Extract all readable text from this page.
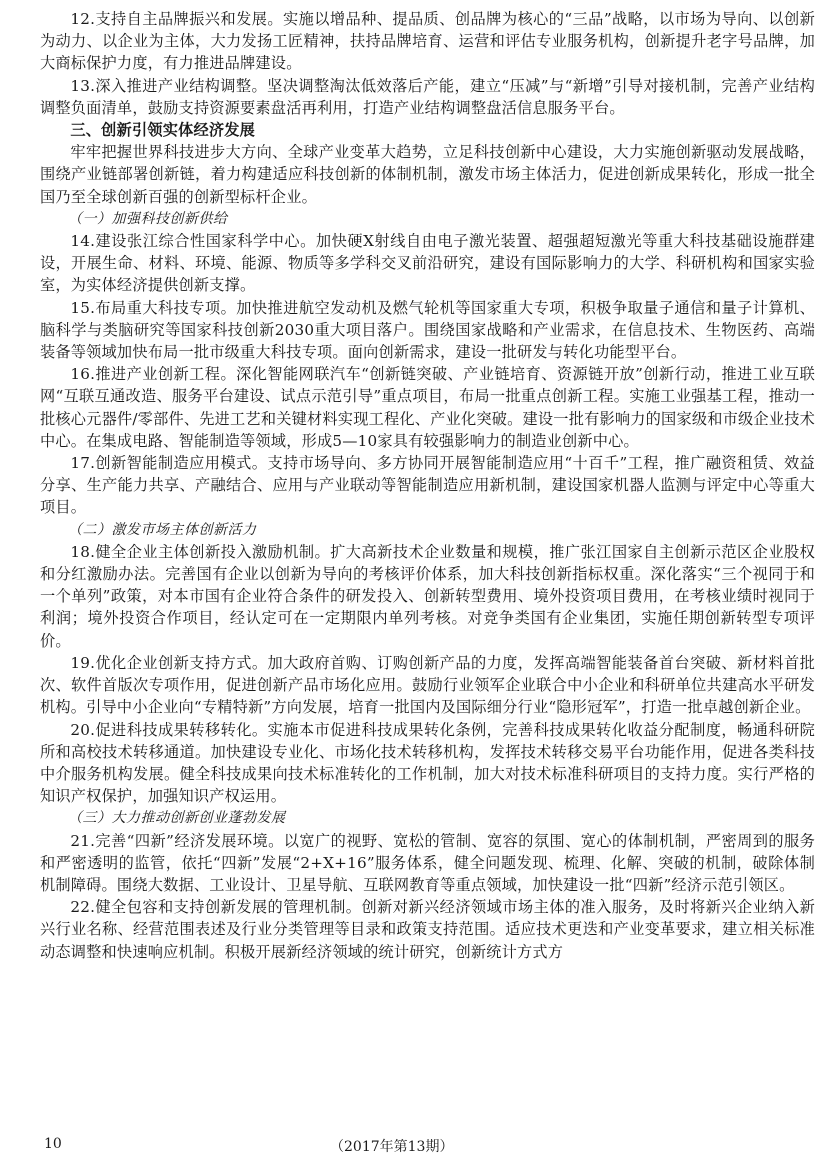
12.支持自主品牌振兴和发展。实施以增品种、提品质、创品牌为核心的“三品”战略，以市场为导向、以创新为动力、以企业为主体，大力发扬工匠精神，扶持品牌培育、运营和评估专业服务机构，创新提升老字号品牌，加大商标保护力度，有力推进品牌建设。

13.深入推进产业结构调整。坚决调整淘汰低效落后产能，建立“压减”与“新增”引导对接机制，完善产业结构调整负面清单，鼓励支持资源要素盘活再利用，打造产业结构调整盘活信息服务平台。

三、创新引领实体经济发展

牢牢把握世界科技进步大方向、全球产业变革大趋势，立足科技创新中心建设，大力实施创新驱动发展战略，围绕产业链部署创新链，着力构建适应科技创新的体制机制，激发市场主体活力，促进创新成果转化，形成一批全国乃至全球创新百强的创新型标杆企业。

（一）加强科技创新供给

14.建设张江综合性国家科学中心。加快硬X射线自由电子激光装置、超强超短激光等重大科技基础设施群建设，开展生命、材料、环境、能源、物质等多学科交叉前沿研究，建设有国际影响力的大学、科研机构和国家实验室，为实体经济提供创新支撑。

15.布局重大科技专项。加快推进航空发动机及燃气轮机等国家重大专项，积极争取量子通信和量子计算机、脑科学与类脑研究等国家科技创新2030重大项目落户。围绕国家战略和产业需求，在信息技术、生物医药、高端装备等领域加快布局一批市级重大科技专项。面向创新需求，建设一批研发与转化功能型平台。

16.推进产业创新工程。深化智能网联汽车“创新链突破、产业链培育、资源链开放”创新行动，推进工业互联网“互联互通改造、服务平台建设、试点示范引导”重点项目，布局一批重点创新工程。实施工业强基工程，推动一批核心元器件/零部件、先进工艺和关键材料实现工程化、产业化突破。建设一批有影响力的国家级和市级企业技术中心。在集成电路、智能制造等领域，形成5—10家具有较强影响力的制造业创新中心。

17.创新智能制造应用模式。支持市场导向、多方协同开展智能制造应用“十百千”工程，推广融资租赁、效益分享、生产能力共享、产融结合、应用与产业联动等智能制造应用新机制，建设国家机器人监测与评定中心等重大项目。

（二）激发市场主体创新活力

18.健全企业主体创新投入激励机制。扩大高新技术企业数量和规模，推广张江国家自主创新示范区企业股权和分红激励办法。完善国有企业以创新为导向的考核评价体系，加大科技创新指标权重。深化落实“三个视同于和一个单列”政策，对本市国有企业符合条件的研发投入、创新转型费用、境外投资项目费用，在考核业绩时视同于利润；境外投资合作项目，经认定可在一定期限内单列考核。对竞争类国有企业集团，实施任期创新转型专项评价。

19.优化企业创新支持方式。加大政府首购、订购创新产品的力度，发挥高端智能装备首台突破、新材料首批次、软件首版次专项作用，促进创新产品市场化应用。鼓励行业领军企业联合中小企业和科研单位共建高水平研发机构。引导中小企业向“专精特新”方向发展，培育一批国内及国际细分行业“隐形冠军”，打造一批卓越创新企业。

20.促进科技成果转移转化。实施本市促进科技成果转化条例，完善科技成果转化收益分配制度，畅通科研院所和高校技术转移通道。加快建设专业化、市场化技术转移机构，发挥技术转移交易平台功能作用，促进各类科技中介服务机构发展。健全科技成果向技术标准转化的工作机制，加大对技术标准科研项目的支持力度。实行严格的知识产权保护，加强知识产权运用。

（三）大力推动创新创业蓬勃发展

21.完善“四新”经济发展环境。以宽广的视野、宽松的管制、宽容的氛围、宽心的体制机制，严密周到的服务和严密透明的监管，依托“四新”发展“2+X+16”服务体系，健全问题发现、梳理、化解、突破的机制，破除体制机制障碍。围绕大数据、工业设计、卫星导航、互联网教育等重点领域，加快建设一批“四新”经济示范引领区。

22.健全包容和支持创新发展的管理机制。创新对新兴经济领域市场主体的准入服务，及时将新兴企业纳入新兴行业名称、经营范围表述及行业分类管理等目录和政策支持范围。适应技术更迭和产业变革要求，建立相关标准动态调整和快速响应机制。积极开展新经济领域的统计研究，创新统计方式方

10	（2017年第13期）
